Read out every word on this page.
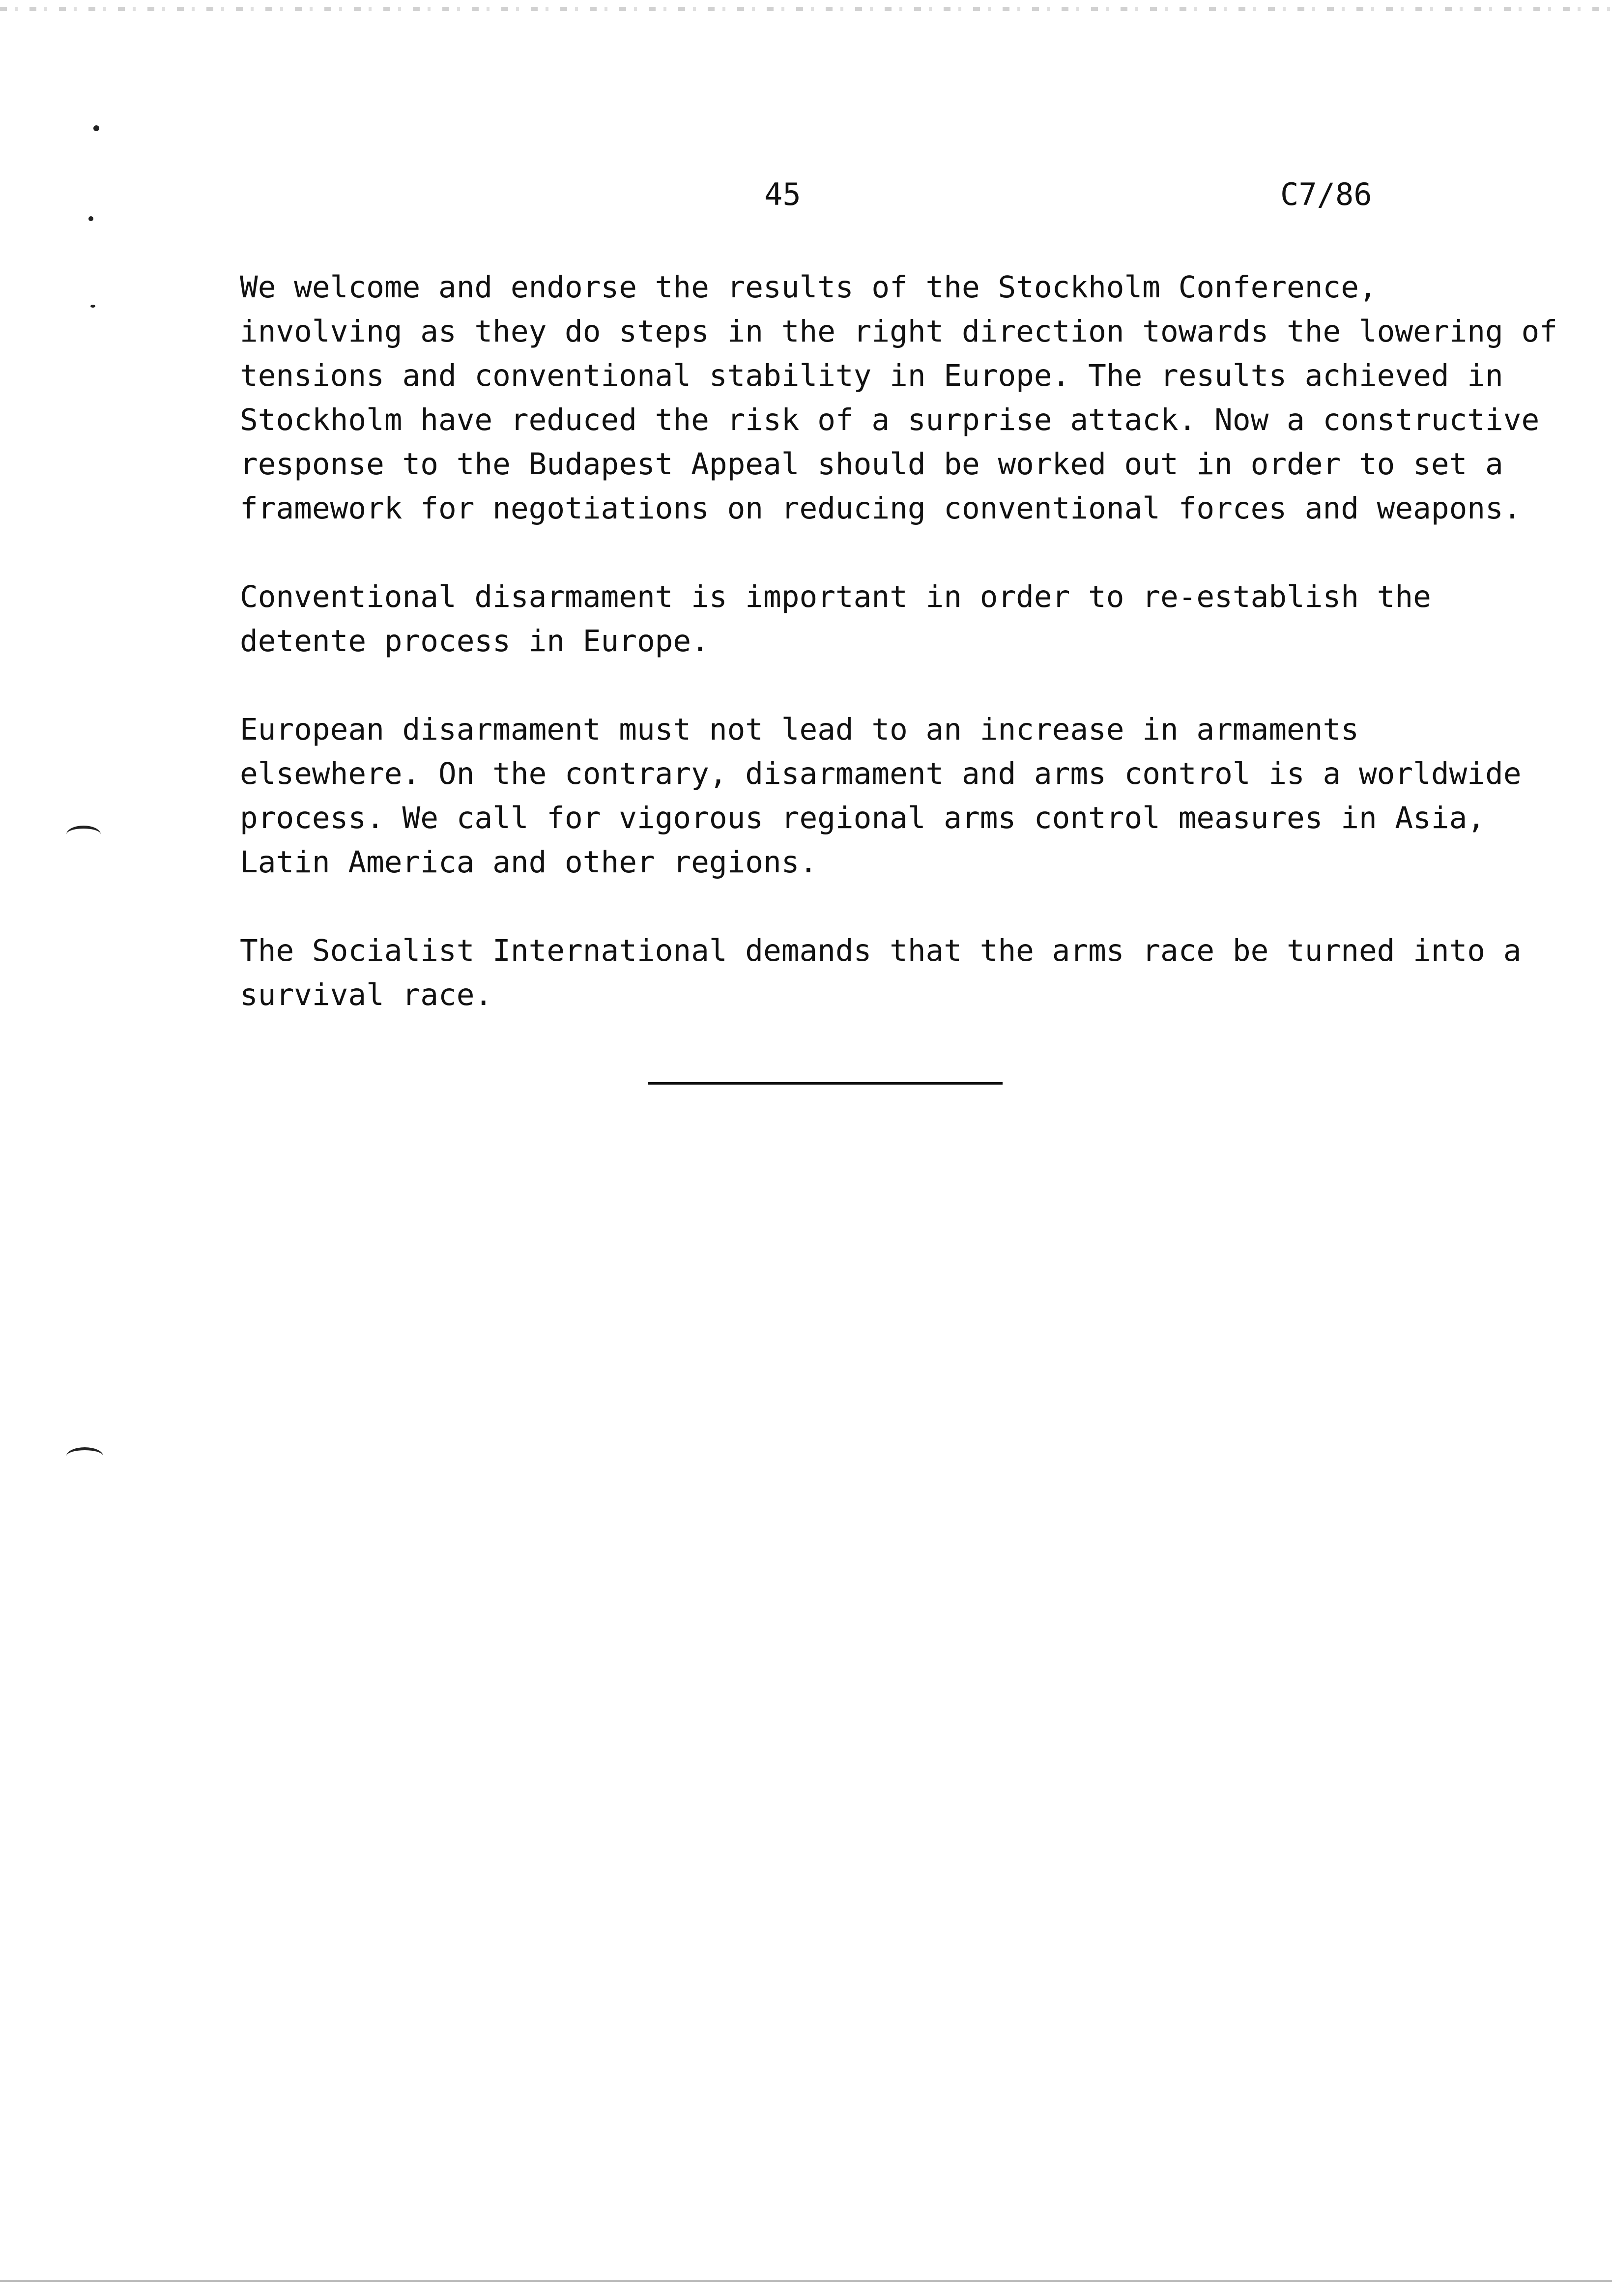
45	C7/86

We welcome and endorse the results of the Stockholm Conference,
involving as they do steps in the right direction towards the lowering of
tensions and conventional stability in Europe. The results achieved in
Stockholm have reduced the risk of a surprise attack. Now a constructive
response to the Budapest Appeal should be worked out in order to set a
framework for negotiations on reducing conventional forces and weapons.

Conventional disarmament is important in order to re-establish the
detente process in Europe.

European disarmament must not lead to an increase in armaments
elsewhere. On the contrary, disarmament and arms control is a worldwide
process. We call for vigorous regional arms control measures in Asia,
Latin America and other regions.

The Socialist International demands that the arms race be turned into a
survival race.
